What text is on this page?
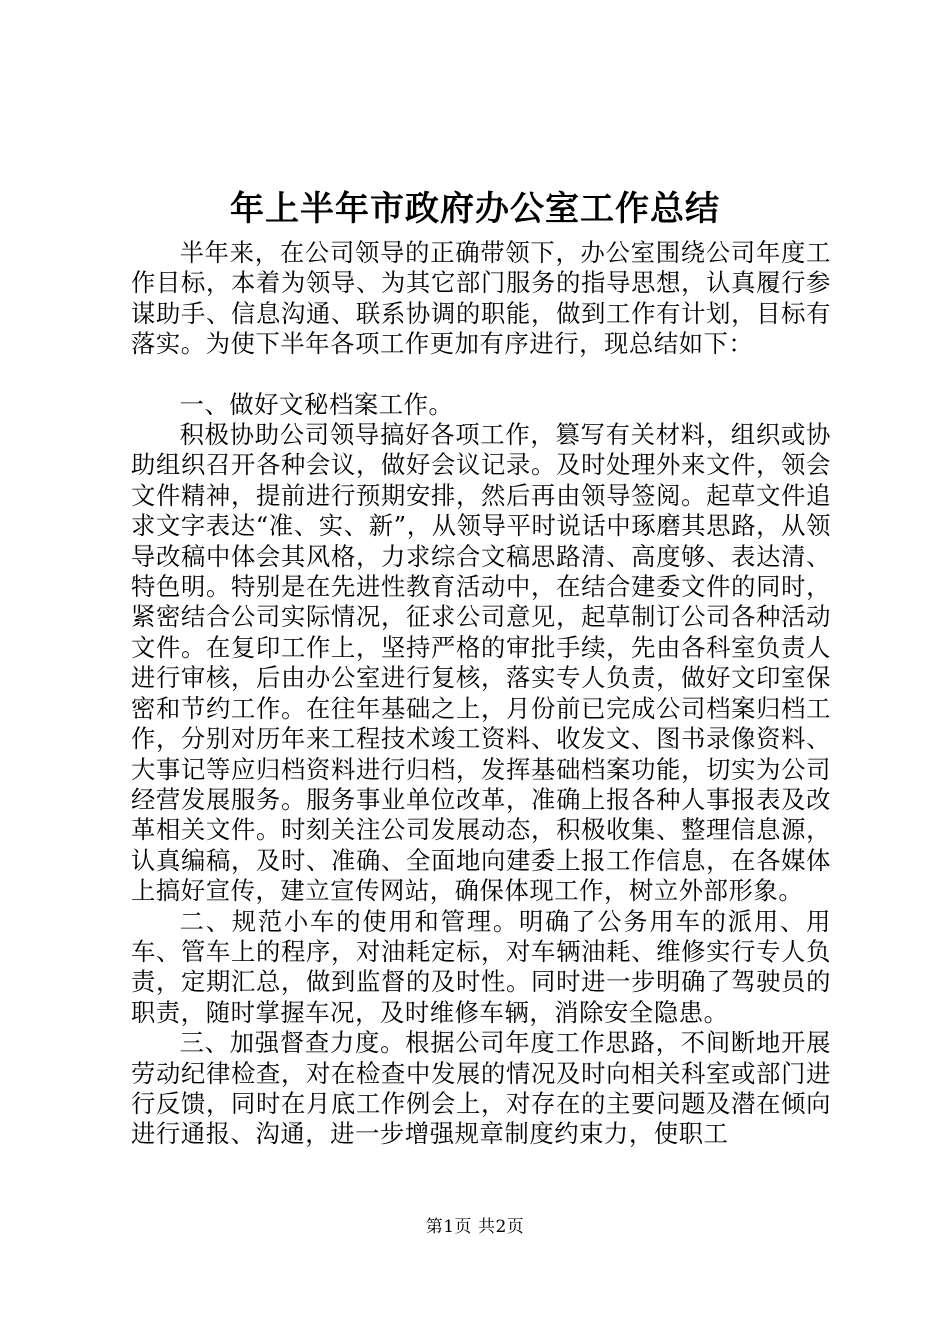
年上半年市政府办公室工作总结

半年来，在公司领导的正确带领下，办公室围绕公司年度工作目标，本着为领导、为其它部门服务的指导思想，认真履行参谋助手、信息沟通、联系协调的职能，做到工作有计划，目标有落实。为使下半年各项工作更加有序进行，现总结如下：

一、做好文秘档案工作。

积极协助公司领导搞好各项工作，篡写有关材料，组织或协助组织召开各种会议，做好会议记录。及时处理外来文件，领会文件精神，提前进行预期安排，然后再由领导签阅。起草文件追求文字表达“准、实、新”，从领导平时说话中琢磨其思路，从领导改稿中体会其风格，力求综合文稿思路清、高度够、表达清、特色明。特别是在先进性教育活动中，在结合建委文件的同时，紧密结合公司实际情况，征求公司意见，起草制订公司各种活动文件。在复印工作上，坚持严格的审批手续，先由各科室负责人进行审核，后由办公室进行复核，落实专人负责，做好文印室保密和节约工作。在往年基础之上，月份前已完成公司档案归档工作，分别对历年来工程技术竣工资料、收发文、图书录像资料、大事记等应归档资料进行归档，发挥基础档案功能，切实为公司经营发展服务。服务事业单位改革，准确上报各种人事报表及改革相关文件。时刻关注公司发展动态，积极收集、整理信息源，认真编稿，及时、准确、全面地向建委上报工作信息，在各媒体上搞好宣传，建立宣传网站，确保体现工作，树立外部形象。

二、规范小车的使用和管理。明确了公务用车的派用、用车、管车上的程序，对油耗定标，对车辆油耗、维修实行专人负责，定期汇总，做到监督的及时性。同时进一步明确了驾驶员的职责，随时掌握车况，及时维修车辆，消除安全隐患。

三、加强督查力度。根据公司年度工作思路，不间断地开展劳动纪律检查，对在检查中发展的情况及时向相关科室或部门进行反馈，同时在月底工作例会上，对存在的主要问题及潜在倾向进行通报、沟通，进一步增强规章制度约束力，使职工

第1页 共2页
